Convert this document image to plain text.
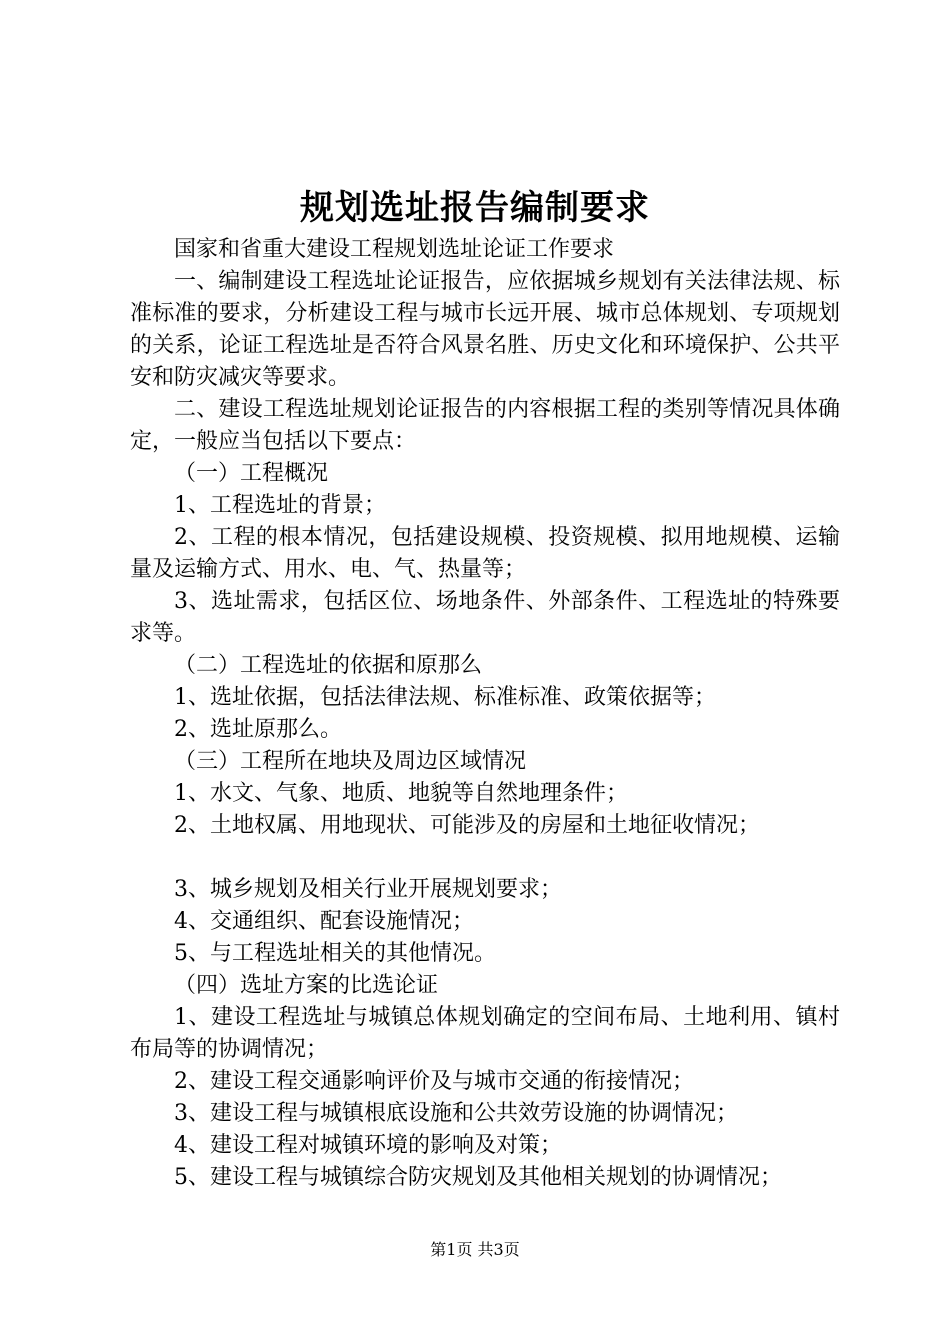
规划选址报告编制要求

国家和省重大建设工程规划选址论证工作要求

一、编制建设工程选址论证报告，应依据城乡规划有关法律法规、标准标准的要求，分析建设工程与城市长远开展、城市总体规划、专项规划的关系，论证工程选址是否符合风景名胜、历史文化和环境保护、公共平安和防灾减灾等要求。

二、建设工程选址规划论证报告的内容根据工程的类别等情况具体确定，一般应当包括以下要点：

（一）工程概况

1、工程选址的背景；

2、工程的根本情况，包括建设规模、投资规模、拟用地规模、运输量及运输方式、用水、电、气、热量等；

3、选址需求，包括区位、场地条件、外部条件、工程选址的特殊要求等。

（二）工程选址的依据和原那么

1、选址依据，包括法律法规、标准标准、政策依据等；

2、选址原那么。

（三）工程所在地块及周边区域情况

1、水文、气象、地质、地貌等自然地理条件；

2、土地权属、用地现状、可能涉及的房屋和土地征收情况；

3、城乡规划及相关行业开展规划要求；

4、交通组织、配套设施情况；

5、与工程选址相关的其他情况。

（四）选址方案的比选论证

1、建设工程选址与城镇总体规划确定的空间布局、土地利用、镇村布局等的协调情况；

2、建设工程交通影响评价及与城市交通的衔接情况；

3、建设工程与城镇根底设施和公共效劳设施的协调情况；

4、建设工程对城镇环境的影响及对策；

5、建设工程与城镇综合防灾规划及其他相关规划的协调情况；

第1页 共3页
